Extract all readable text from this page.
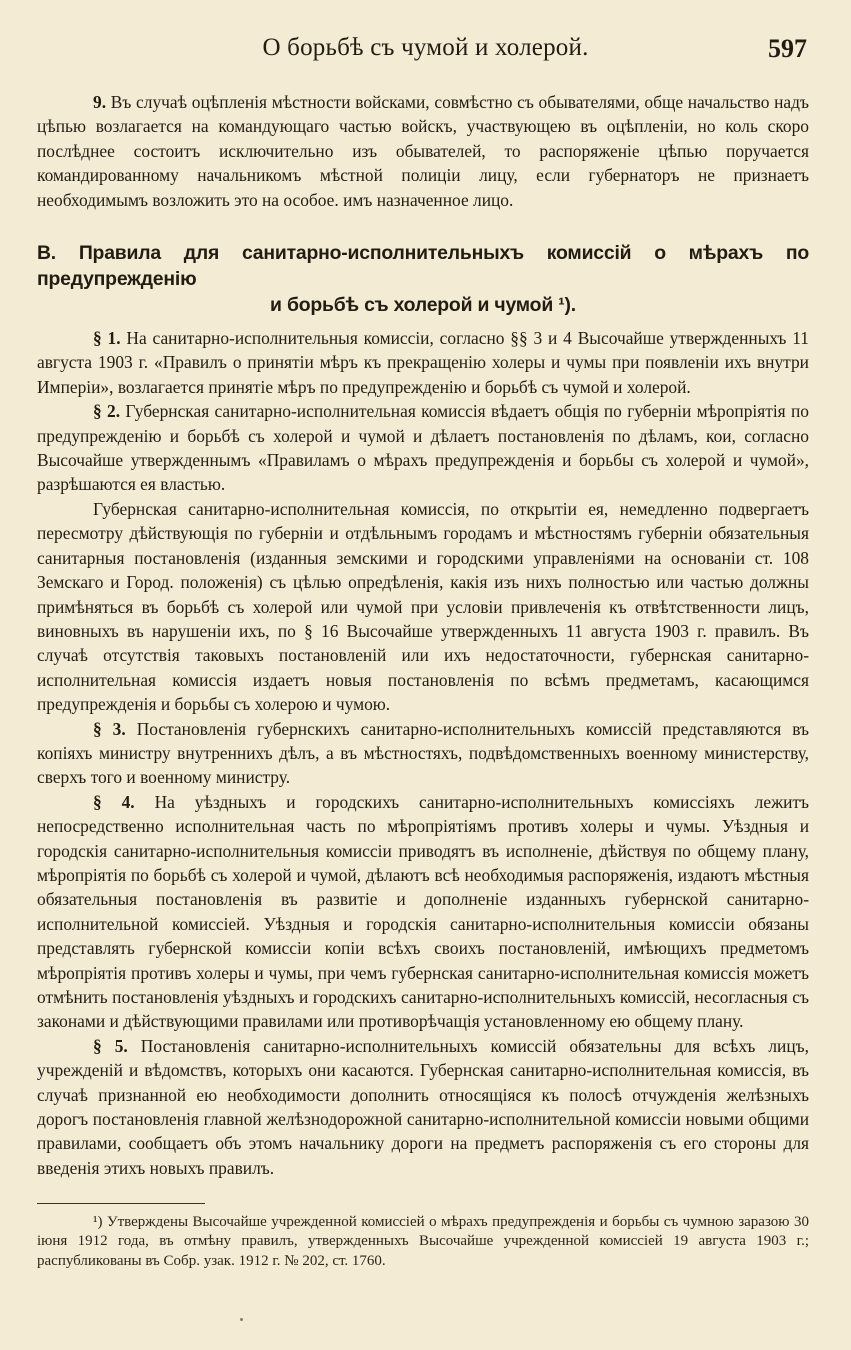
О борьбѣ съ чумой и холерой.	597

9. Въ случаѣ оцѣпленія мѣстности войсками, совмѣстно съ обывателями, обще начальство надъ цѣпью возлагается на командующаго частью войскъ, участвующею въ оцѣпленіи, но коль скоро послѣднее состоитъ исключительно изъ обывателей, то распоряженіе цѣпью поручается командированному начальникомъ мѣстной полиціи лицу, если губернаторъ не признаетъ необходимымъ возложить это на особое. имъ назначенное лицо.

В. Правила для санитарно-исполнительныхъ комиссій о мѣрахъ по предупрежденію
и борьбѣ съ холерой и чумой ¹).

§ 1. На санитарно-исполнительныя комиссіи, согласно §§ 3 и 4 Высочайше утвержденныхъ 11 августа 1903 г. «Правилъ о принятіи мѣръ къ прекращенію холеры и чумы при появленіи ихъ внутри Имперіи», возлагается принятіе мѣръ по предупрежденію и борьбѣ съ чумой и холерой.

§ 2. Губернская санитарно-исполнительная комиссія вѣдаетъ общія по губерніи мѣропріятія по предупрежденію и борьбѣ съ холерой и чумой и дѣлаетъ постановленія по дѣламъ, кои, согласно Высочайше утвержденнымъ «Правиламъ о мѣрахъ предупрежденія и борьбы съ холерой и чумой», разрѣшаются ея властью.

Губернская санитарно-исполнительная комиссія, по открытіи ея, немедленно подвергаетъ пересмотру дѣйствующія по губерніи и отдѣльнымъ городамъ и мѣстностямъ губерніи обязательныя санитарныя постановленія (изданныя земскими и городскими управленіями на основаніи ст. 108 Земскаго и Город. положенія) съ цѣлью опредѣленія, какія изъ нихъ полностью или частью должны примѣняться въ борьбѣ съ холерой или чумой при условіи привлеченія къ отвѣтственности лицъ, виновныхъ въ нарушеніи ихъ, по § 16 Высочайше утвержденныхъ 11 августа 1903 г. правилъ. Въ случаѣ отсутствія таковыхъ постановленій или ихъ недостаточности, губернская санитарно-исполнительная комиссія издаетъ новыя постановленія по всѣмъ предметамъ, касающимся предупрежденія и борьбы съ холерою и чумою.

§ 3. Постановленія губернскихъ санитарно-исполнительныхъ комиссій представляются въ копіяхъ министру внутреннихъ дѣлъ, а въ мѣстностяхъ, подвѣдомственныхъ военному министерству, сверхъ того и военному министру.

§ 4. На уѣздныхъ и городскихъ санитарно-исполнительныхъ комиссіяхъ лежитъ непосредственно исполнительная часть по мѣропріятіямъ противъ холеры и чумы. Уѣздныя и городскія санитарно-исполнительныя комиссіи приводятъ въ исполненіе, дѣйствуя по общему плану, мѣропріятія по борьбѣ съ холерой и чумой, дѣлаютъ всѣ необходимыя распоряженія, издаютъ мѣстныя обязательныя постановленія въ развитіе и дополненіе изданныхъ губернской санитарно-исполнительной комиссіей. Уѣздныя и городскія санитарно-исполнительныя комиссіи обязаны представлять губернской комиссіи копіи всѣхъ своихъ постановленій, имѣющихъ предметомъ мѣропріятія противъ холеры и чумы, при чемъ губернская санитарно-исполнительная комиссія можетъ отмѣнить постановленія уѣздныхъ и городскихъ санитарно-исполнительныхъ комиссій, несогласныя съ законами и дѣйствующими правилами или противорѣчащія установленному ею общему плану.

§ 5. Постановленія санитарно-исполнительныхъ комиссій обязательны для всѣхъ лицъ, учрежденій и вѣдомствъ, которыхъ они касаются. Губернская санитарно-исполнительная комиссія, въ случаѣ признанной ею необходимости дополнить относящіяся къ полосѣ отчужденія желѣзныхъ дорогъ постановленія главной желѣзнодорожной санитарно-исполнительной комиссіи новыми общими правилами, сообщаетъ объ этомъ начальнику дороги на предметъ распоряженія съ его стороны для введенія этихъ новыхъ правилъ.

¹) Утверждены Высочайше учрежденной комиссіей о мѣрахъ предупрежденія и борьбы съ чумною заразою 30 іюня 1912 года, въ отмѣну правилъ, утвержденныхъ Высочайше учрежденной комиссіей 19 августа 1903 г.; распубликованы въ Собр. узак. 1912 г. № 202, ст. 1760.
